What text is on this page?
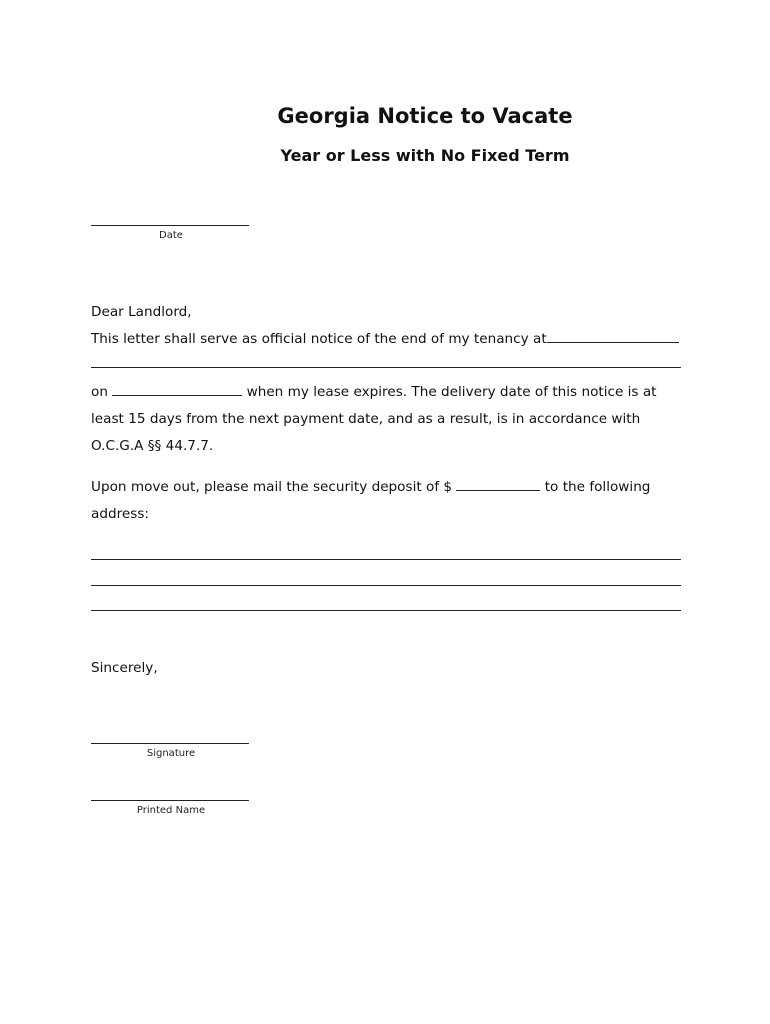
Georgia Notice to Vacate
Year or Less with No Fixed Term
Date

Dear Landlord,

This letter shall serve as official notice of the end of my tenancy at

on	when my lease expires. The delivery date of this notice is at

least 15 days from the next payment date, and as a result, is in accordance with

O.C.G.A §§ 44.7.7.

Upon move out, please mail the security deposit of $	to the following

address:

Sincerely,

Signature
Printed Name
